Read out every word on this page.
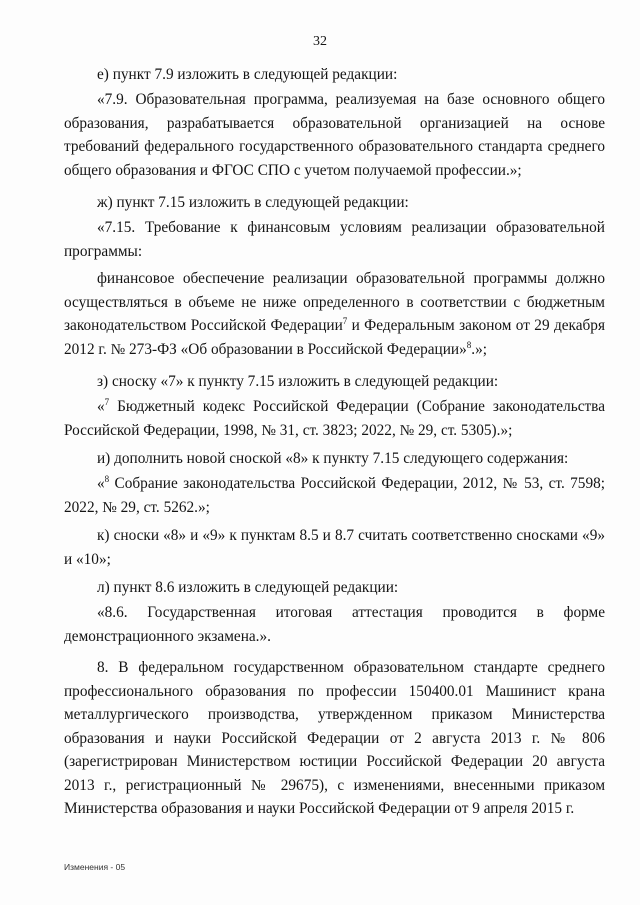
32
е) пункт 7.9 изложить в следующей редакции:
«7.9. Образовательная программа, реализуемая на базе основного общего образования, разрабатывается образовательной организацией на основе требований федерального государственного образовательного стандарта среднего общего образования и ФГОС СПО с учетом получаемой профессии.»;
ж) пункт 7.15 изложить в следующей редакции:
«7.15. Требование к финансовым условиям реализации образовательной программы:
финансовое обеспечение реализации образовательной программы должно осуществляться в объеме не ниже определенного в соответствии с бюджетным законодательством Российской Федерации$^7$ и Федеральным законом от 29 декабря 2012 г. № 273-ФЗ «Об образовании в Российской Федерации»$^8$.»;
з) сноску «7» к пункту 7.15 изложить в следующей редакции:
«$^7$ Бюджетный кодекс Российской Федерации (Собрание законодательства Российской Федерации, 1998, № 31, ст. 3823; 2022, № 29, ст. 5305).»;
и) дополнить новой сноской «8» к пункту 7.15 следующего содержания:
«$^8$ Собрание законодательства Российской Федерации, 2012, № 53, ст. 7598; 2022, № 29, ст. 5262.»;
к) сноски «8» и «9» к пунктам 8.5 и 8.7 считать соответственно сносками «9» и «10»;
л) пункт 8.6 изложить в следующей редакции:
«8.6. Государственная итоговая аттестация проводится в форме демонстрационного экзамена.».
8. В федеральном государственном образовательном стандарте среднего профессионального образования по профессии 150400.01 Машинист крана металлургического производства, утвержденном приказом Министерства образования и науки Российской Федерации от 2 августа 2013 г. № 806 (зарегистрирован Министерством юстиции Российской Федерации 20 августа 2013 г., регистрационный № 29675), с изменениями, внесенными приказом Министерства образования и науки Российской Федерации от 9 апреля 2015 г.
Изменения - 05
